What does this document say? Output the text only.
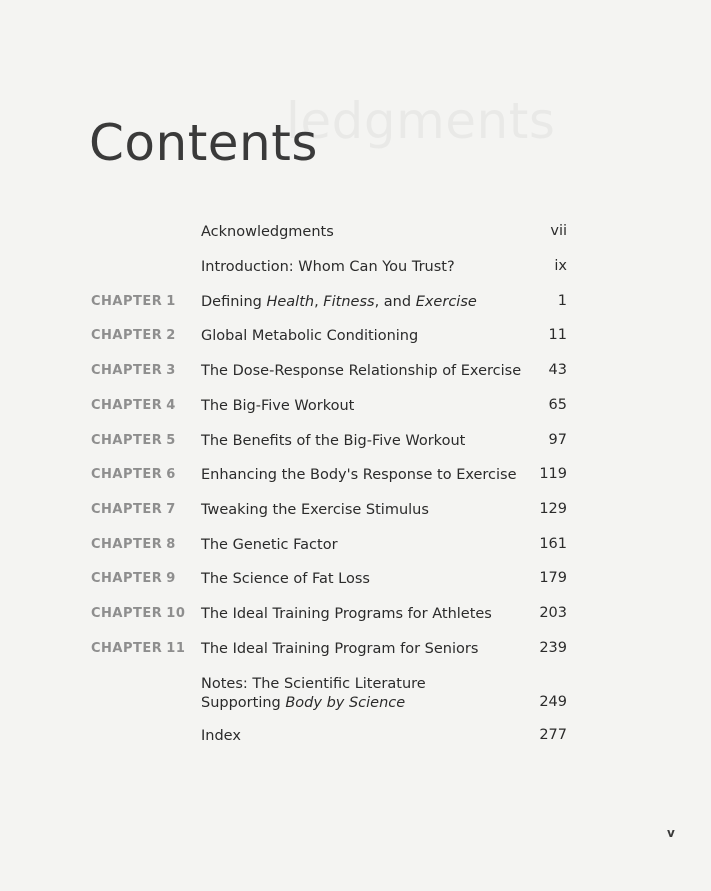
Contents
Acknowledgments	vii
Introduction: Whom Can You Trust?	ix
CHAPTER 1 Defining Health, Fitness, and Exercise	1
CHAPTER 2 Global Metabolic Conditioning	11
CHAPTER 3 The Dose-Response Relationship of Exercise 43
CHAPTER 4 The Big-Five Workout	65
CHAPTER 5 The Benefits of the Big-Five Workout	97
CHAPTER 6 Enhancing the Body's Response to Exercise 119
CHAPTER 7 Tweaking the Exercise Stimulus	129
CHAPTER 8 The Genetic Factor	161
CHAPTER 9 The Science of Fat Loss	179
CHAPTER 10 The Ideal Training Programs for Athletes	203
CHAPTER 11 The Ideal Training Program for Seniors	239
Notes: The Scientific Literature
Supporting Body by Science	249
Index	277
v
